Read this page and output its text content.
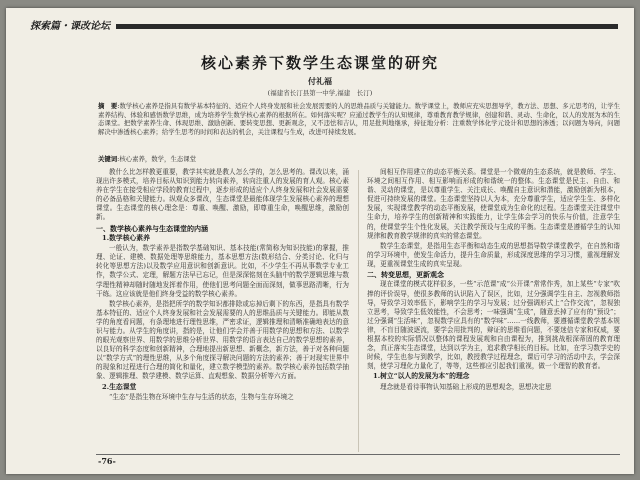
探索篇・课改论坛
核心素养下数学生态课堂的研究
付礼福
(福建省长汀县第一中学,福建　长汀)

摘　要:数学核心素养是指具有数学基本特征的、适应个人终身发展和社会发展需要的人的思维品质与关键能力。数学课堂上，教师应充实思想导学，教方法、思想、多元思考的，让学生素养结构、体验和感悟数学思维，成为培养学生数学核心素养的根据所在。如何落实呢？应通过教学生的认知规律，尊重教育教学规律，创建和谐、灵动、生命化，以人的发展为本的生态课堂。把数学素养生命、体现思维、激励创新、要转变思想、更新观念，又不违怯和吉认，用足批判地继承，持征地分析：注重数学体化学元设计和思想的渗透；以问题为导向，问题解决中渗透核心素养；给学生思考的时间和表达的机会，关注课程与生成，改进可持续发展。

关键词:核心素养，数学，生态课堂

教什么比怎样教更重要，教学其实就是教人怎么学的，怎么思考的。课改以来，涌现出许多模式，培养目标从知识到能力转向素养，转向注重人的发展的育人观。核心素养在学生在接受相应学段的教育过程中，逐步形成的适应个人终身发展和社会发展需要的必备品格和关键能力。纵观众多课改，生态课堂是最能体现学生发展核心素养的理想课堂。生态课堂的核心理念是：尊重、唤醒、激励，即尊重生命，唤醒思维，激励创新。

一、数学核心素养与生态课堂的内涵
1.数学核心素养

一般认为，数学素养是指数学基础知识、基本技能(常简称为知识技能)的掌握，推理、论证、建模、数据处理等思维能力，基本思想方法(数形结合、分类讨论、化归与转化等思想方法)以及数学应用意识和创新意识。比如，不少学生不再从事数学专业工作，数学公式、定理，解题方法早已忘记，但是深深铭刻在头脑中的数学逻辑思维与数学理性精神却随时随地发挥着作用，使他们思考问题全面而深刻，做事思路清晰，行为干练。这应该就是他们终身受益的数学核心素养。

数学核心素养，是指把所学的数学知识都排除或忘掉后剩下的东西，是指具有数学基本特征的、适应个人终身发展和社会发展需要的人的思维品质与关键能力。即能从数学的角度看问题，有条理地进行理性思维，严密求证，逻辑推理和清晰准确地表达的意识与能力。从学生的角度讲，指的是，让他们学会并善于用数学的思想和方法、以数学的眼光观察世界、用数学的思维分析世界、用数学的语言表达自己的数学思想的素养，以良好的科学态度和创新精神，合理地提出新思想、新概念，新方法，善于对各种问题以“数学方式”的理性思维，从多个角度探寻解决问题的方法的素养；善于对现实世界中的现象和过程进行合理的简化和量化，建立数学模型的素养。数学核心素养包括数学抽象、逻辑推理、数学建模、数学运算、直观想象、数据分析等六方面。

2.生态课堂

“生态”是指生物在环境中生存与生活的状态，生物与生存环境之

间相互作用建立的动态平衡关系。课堂是一个微观的生态系统，就是教师、学生、环境之间相互作用、相互影响而形成的和谐统一的整体。生态课堂是民主、自由、和谐、灵动的课堂，是以尊重学生、关注成长、唤醒自主意识和潜能，激励创新为根本，促进可持续发展的课堂。生态课堂坚持以人为本，充分尊重学生，适应学生生、多样化发展，实现课堂教学的动态平衡发展，使课堂成为生命化的过程。生态课堂关注课堂中生命力，培养学生的创新精神和实践能力，让学生体会学习的快乐与价值，注意学生的，使课堂学生个性化发展，关注教学预设与生成的平衡。生态课堂是遵循学生的认知规律和教育教学规律的真实的常态课堂。

数学生态课堂，是指用生态平衡和动态生成的思想指导数学课堂教学，在自然和谐的学习环境中，使发生命活力，提升生命质量，形成深度思维的学习习惯，重视理解发现，更重视课堂生成的真实呈现。

二、转变思想，更新观念

现在课堂的模式花样很多，一些“示范课”成“公开课”常常作秀，加上某些“专家”吹捧的评价误导，使很多教师的认识陷入了误区，比如，过分强调学生自主、忽视教师指导，导致学习效率低下，影响学生的学习与发展；过分强调形式上“合作交流”，忽视独立思考，导致学生低效能性，不会思考；一味强调“生成”，随意丢掉了应有的“预设”；过分强调“生活味”，忽视数学应具有的“数学味”……一线教师，要遵循课堂教学基本规律，不盲目随波逐流，要学会用批判的，辩证的思维看问题，不要迷信专家和权威，要根据本校的实际情况以整体的课程发展观和自由课程为，推到挑战根深蒂固的教育理念，真正落实生态课堂，达到以学为主，追求教学相长的目标。比如，在学习数学史的时候，学生也参与到教学，比如，教授教学过程理念，课后可学习的活动中去，学会深刻，使学习理化力量化了，等等，这些都应引起我们重视，做一个理智的教育者。

1.树立“以人的发展为本”的理念

理念就是看待事物认知基础上形成的思想观念，思想决定思

-76-
